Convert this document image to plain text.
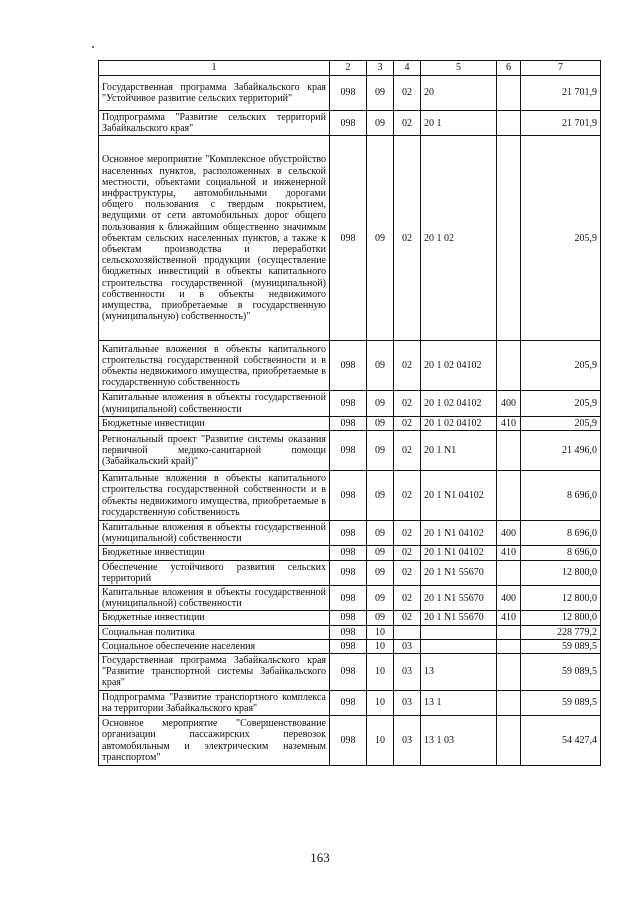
1	2	3	4	5	6	7
Государственная программа Забайкальского края "Устойчивое развитие сельских территорий"	098	09	02	20		21 701,9
Подпрограмма "Развитие сельских территорий Забайкальского края"	098	09	02	20 1		21 701,9
Основное мероприятие "Комплексное обустройство населенных пунктов, расположенных в сельской местности, объектами социальной и инженерной инфраструктуры, автомобильными дорогами общего пользования с твердым покрытием, ведущими от сети автомобильных дорог общего пользования к ближайшим общественно значимым объектам сельских населенных пунктов, а также к объектам производства и переработки сельскохозяйственной продукции (осуществление бюджетных инвестиций в объекты капитального строительства государственной (муниципальной) собственности и в объекты недвижимого имущества, приобретаемые в государственную (муниципальную) собственность)"	098	09	02	20 1 02		205,9
Капитальные вложения в объекты капитального строительства государственной собственности и в объекты недвижимого имущества, приобретаемые в государственную собственность	098	09	02	20 1 02 04102		205,9
Капитальные вложения в объекты государственной (муниципальной) собственности	098	09	02	20 1 02 04102	400	205,9
Бюджетные инвестиции	098	09	02	20 1 02 04102	410	205,9
Региональный проект "Развитие системы оказания первичной медико-санитарной помощи (Забайкальский край)"	098	09	02	20 1 N1		21 496,0
Капитальные вложения в объекты капитального строительства государственной собственности и в объекты недвижимого имущества, приобретаемые в государственную собственность	098	09	02	20 1 N1 04102		8 696,0
Капитальные вложения в объекты государственной (муниципальной) собственности	098	09	02	20 1 N1 04102	400	8 696,0
Бюджетные инвестиции	098	09	02	20 1 N1 04102	410	8 696,0
Обеспечение устойчивого развития сельских территорий	098	09	02	20 1 N1 55670		12 800,0
Капитальные вложения в объекты государственной (муниципальной) собственности	098	09	02	20 1 N1 55670	400	12 800,0
Бюджетные инвестиции	098	09	02	20 1 N1 55670	410	12 800,0
Социальная политика	098	10				228 779,2
Социальное обеспечение населения	098	10	03			59 089,5
Государственная программа Забайкальского края "Развитие транспортной системы Забайкальского края"	098	10	03	13		59 089,5
Подпрограмма "Развитие транспортного комплекса на территории Забайкальского края"	098	10	03	13 1		59 089,5
Основное мероприятие "Совершенствование организации пассажирских перевозок автомобильным и электрическим наземным транспортом"	098	10	03	13 1 03		54 427,4
163
